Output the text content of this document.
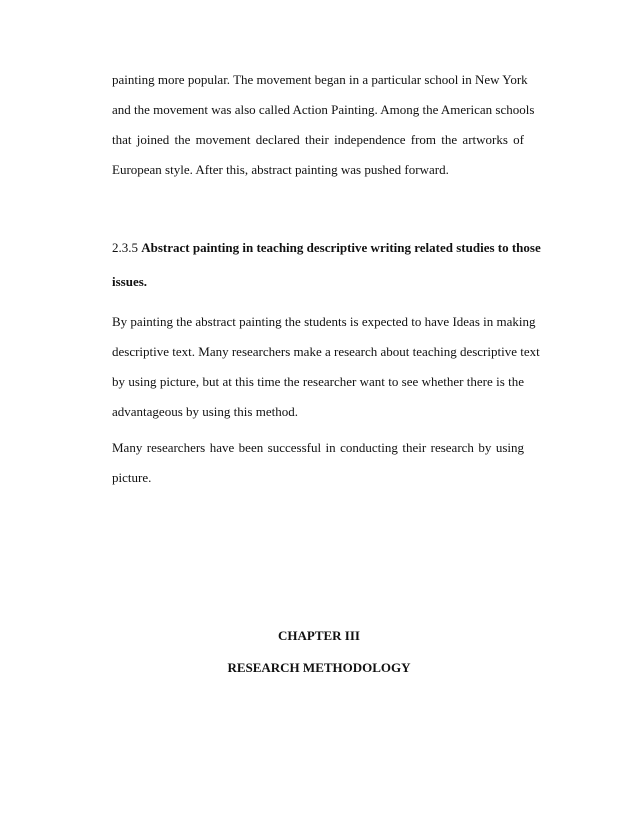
painting more popular. The movement began in a particular school in New York
and the movement was also called Action Painting. Among the American schools
that joined the movement declared their independence from the artworks of
European style. After this, abstract painting was pushed forward.
2.3.5 Abstract painting in teaching descriptive writing related studies to those
issues.
By painting the abstract painting the students is expected to have Ideas in making
descriptive text. Many researchers make a research about teaching descriptive text
by using picture, but at this time the researcher want to see whether there is the
advantageous by using this method.
Many researchers have been successful in conducting their research by using
picture.
CHAPTER III
RESEARCH METHODOLOGY
